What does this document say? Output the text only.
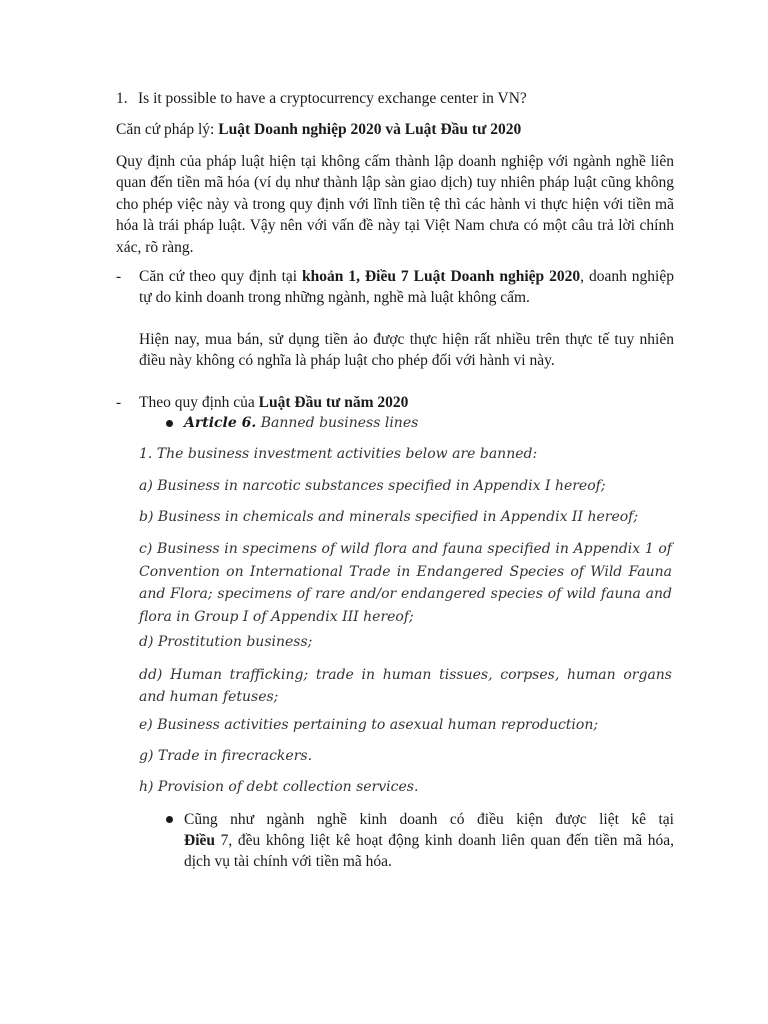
1. Is it possible to have a cryptocurrency exchange center in VN?
Căn cứ pháp lý: Luật Doanh nghiệp 2020 và Luật Đầu tư 2020
Quy định của pháp luật hiện tại không cấm thành lập doanh nghiệp với ngành nghề liên quan đến tiền mã hóa (ví dụ như thành lập sàn giao dịch) tuy nhiên pháp luật cũng không cho phép việc này và trong quy định với lĩnh tiền tệ thì các hành vi thực hiện với tiền mã hóa là trái pháp luật. Vậy nên với vấn đề này tại Việt Nam chưa có một câu trả lời chính xác, rõ ràng.
- Căn cứ theo quy định tại khoản 1, Điều 7 Luật Doanh nghiệp 2020, doanh nghiệp tự do kinh doanh trong những ngành, nghề mà luật không cấm.
Hiện nay, mua bán, sử dụng tiền ảo được thực hiện rất nhiều trên thực tế tuy nhiên điều này không có nghĩa là pháp luật cho phép đối với hành vi này.
- Theo quy định của Luật Đầu tư năm 2020
Article 6. Banned business lines
1. The business investment activities below are banned:
a) Business in narcotic substances specified in Appendix I hereof;
b) Business in chemicals and minerals specified in Appendix II hereof;
c) Business in specimens of wild flora and fauna specified in Appendix 1 of Convention on International Trade in Endangered Species of Wild Fauna and Flora; specimens of rare and/or endangered species of wild fauna and flora in Group I of Appendix III hereof;
d) Prostitution business;
dd) Human trafficking; trade in human tissues, corpses, human organs and human fetuses;
e) Business activities pertaining to asexual human reproduction;
g) Trade in firecrackers.
h) Provision of debt collection services.
Cũng như ngành nghề kinh doanh có điều kiện được liệt kê tại
Điều 7, đều không liệt kê hoạt động kinh doanh liên quan đến tiền mã hóa, dịch vụ tài chính với tiền mã hóa.
